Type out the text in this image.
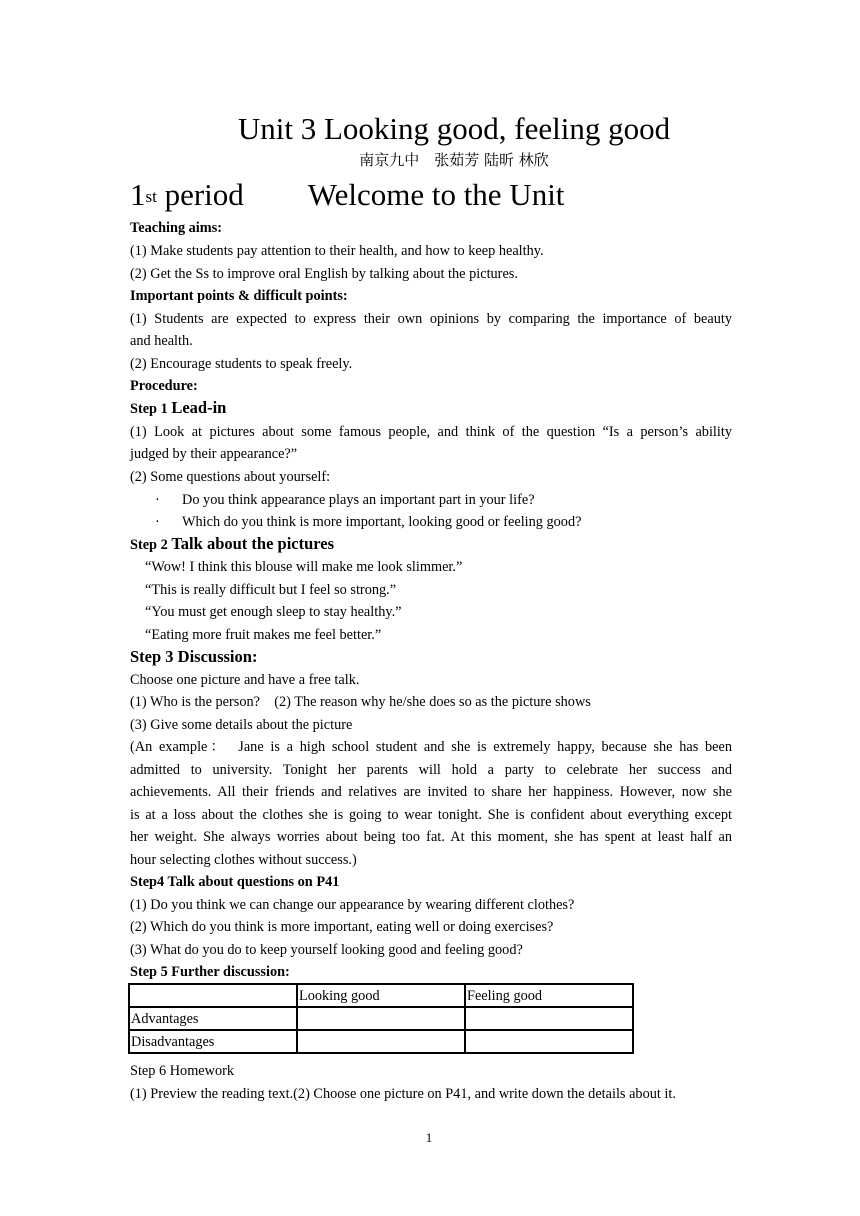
Unit 3 Looking good, feeling good
南京九中　张茹芳 陆昕 林欣
1st period Welcome to the Unit
Teaching aims:
(1) Make students pay attention to their health, and how to keep healthy.
(2) Get the Ss to improve oral English by talking about the pictures.
Important points & difficult points:
(1) Students are expected to express their own opinions by comparing the importance of beauty
and health.
(2) Encourage students to speak freely.
Procedure:
Step 1 Lead-in
(1) Look at pictures about some famous people, and think of the question “Is a person’s ability
judged by their appearance?”
(2) Some questions about yourself:
· Do you think appearance plays an important part in your life?
· Which do you think is more important, looking good or feeling good?
Step 2 Talk about the pictures
“Wow! I think this blouse will make me look slimmer.”
“This is really difficult but I feel so strong.”
“You must get enough sleep to stay healthy.”
“Eating more fruit makes me feel better.”
Step 3 Discussion:
Choose one picture and have a free talk.
(1) Who is the person?　(2) The reason why he/she does so as the picture shows
(3) Give some details about the picture
(An example：　Jane is a high school student and she is extremely happy, because she has been
admitted to university. Tonight her parents will hold a party to celebrate her success and
achievements. All their friends and relatives are invited to share her happiness. However, now she
is at a loss about the clothes she is going to wear tonight. She is confident about everything except
her weight. She always worries about being too fat. At this moment, she has spent at least half an
hour selecting clothes without success.)
Step4 Talk about questions on P41
(1) Do you think we can change our appearance by wearing different clothes?
(2) Which do you think is more important, eating well or doing exercises?
(3) What do you do to keep yourself looking good and feeling good?
Step 5 Further discussion:
	Looking good	Feeling good
Advantages		
Disadvantages		
Step 6 Homework
(1) Preview the reading text.(2) Choose one picture on P41, and write down the details about it.
1
